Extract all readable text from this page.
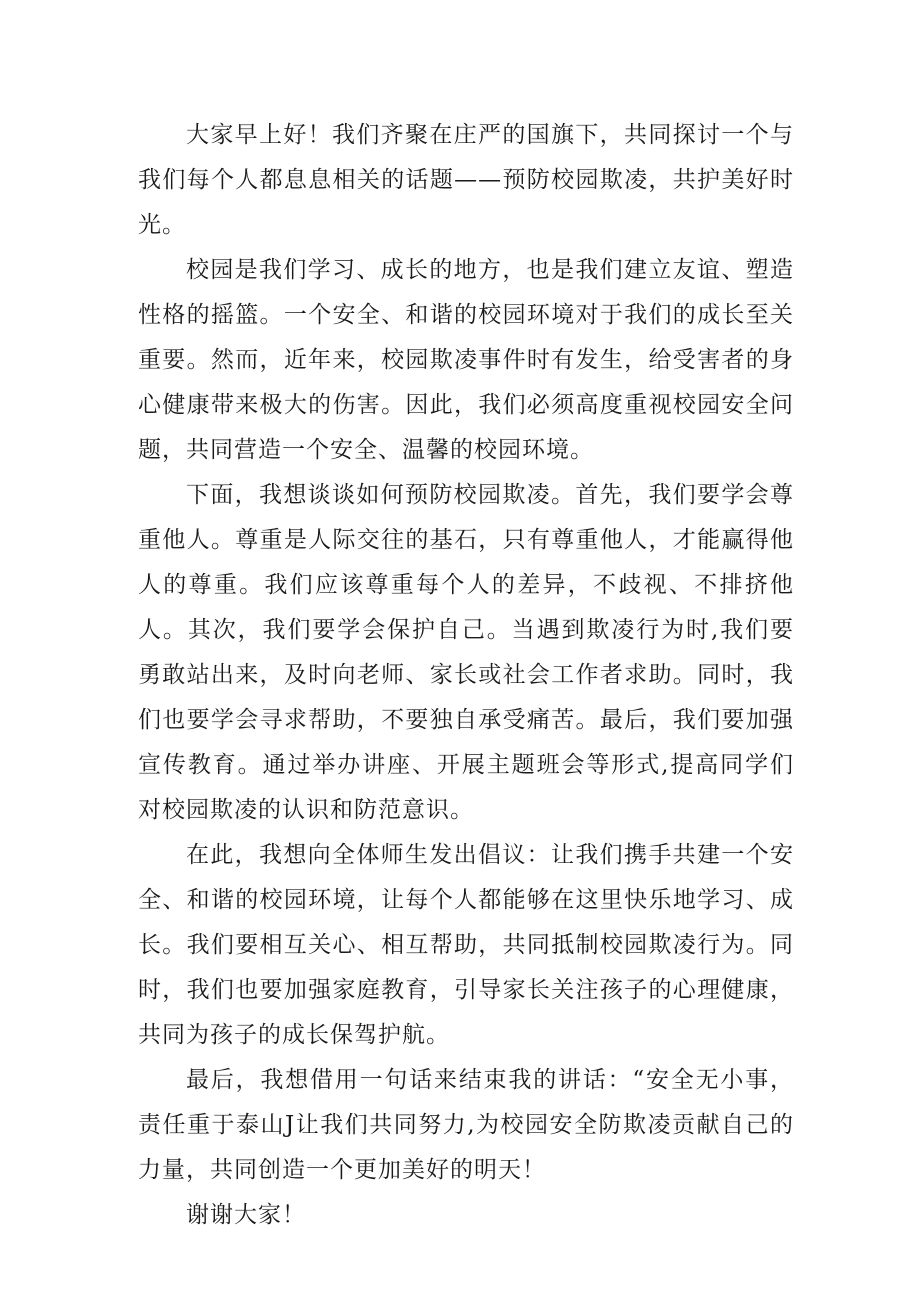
大家早上好！我们齐聚在庄严的国旗下，共同探讨一个与我们每个人都息息相关的话题——预防校园欺凌，共护美好时光。

校园是我们学习、成长的地方，也是我们建立友谊、塑造性格的摇篮。一个安全、和谐的校园环境对于我们的成长至关重要。然而，近年来，校园欺凌事件时有发生，给受害者的身心健康带来极大的伤害。因此，我们必须高度重视校园安全问题，共同营造一个安全、温馨的校园环境。

下面，我想谈谈如何预防校园欺凌。首先，我们要学会尊重他人。尊重是人际交往的基石，只有尊重他人，才能赢得他人的尊重。我们应该尊重每个人的差异，不歧视、不排挤他人。其次，我们要学会保护自己。当遇到欺凌行为时,我们要勇敢站出来，及时向老师、家长或社会工作者求助。同时，我们也要学会寻求帮助，不要独自承受痛苦。最后，我们要加强宣传教育。通过举办讲座、开展主题班会等形式,提高同学们对校园欺凌的认识和防范意识。

在此，我想向全体师生发出倡议：让我们携手共建一个安全、和谐的校园环境，让每个人都能够在这里快乐地学习、成长。我们要相互关心、相互帮助，共同抵制校园欺凌行为。同时，我们也要加强家庭教育，引导家长关注孩子的心理健康，共同为孩子的成长保驾护航。

最后，我想借用一句话来结束我的讲话：“安全无小事，责任重于泰山J让我们共同努力,为校园安全防欺凌贡献自己的力量，共同创造一个更加美好的明天！

谢谢大家！
